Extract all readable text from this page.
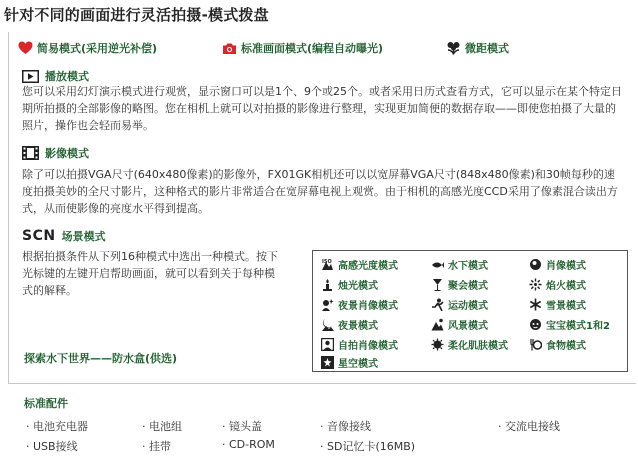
针对不同的画面进行灵活拍摄-模式拨盘
简易模式(采用逆光补偿)	标准画面模式(编程自动曝光)	微距模式
播放模式
您可以采用幻灯演示模式进行观赏，显示窗口可以是1个、9个或25个。或者采用日历式查看方式，它可以显示在某个特定日期所拍摄的全部影像的略图。您在相机上就可以对拍摄的影像进行整理，实现更加简便的数据存取——即使您拍摄了大量的照片，操作也会轻而易举。
影像模式
除了可以拍摄VGA尺寸(640x480像素)的影像外，FX01GK相机还可以以宽屏幕VGA尺寸(848x480像素)和30帧每秒的速度拍摄美妙的全尺寸影片，这种格式的影片非常适合在宽屏幕电视上观赏。由于相机的高感光度CCD采用了像素混合读出方式，从而使影像的亮度水平得到提高。
SCN 场景模式
根据拍摄条件从下列16种模式中选出一种模式。按下光标键的左键开启帮助画面，就可以看到关于每种模式的解释。
探索水下世界——防水盒(供选)
ISO 高感光度模式	水下模式	肖像模式
烛光模式	聚会模式	焰火模式
夜景肖像模式	运动模式	雪景模式
夜景模式	风景模式	宝宝模式1和2
自拍肖像模式	柔化肌肤模式	食物模式
星空模式
标准配件
· 电池充电器	· 电池组	· 镜头盖	· 音像接线	· 交流电接线
· USB接线	· 挂带	· CD-ROM	· SD记忆卡(16MB)
